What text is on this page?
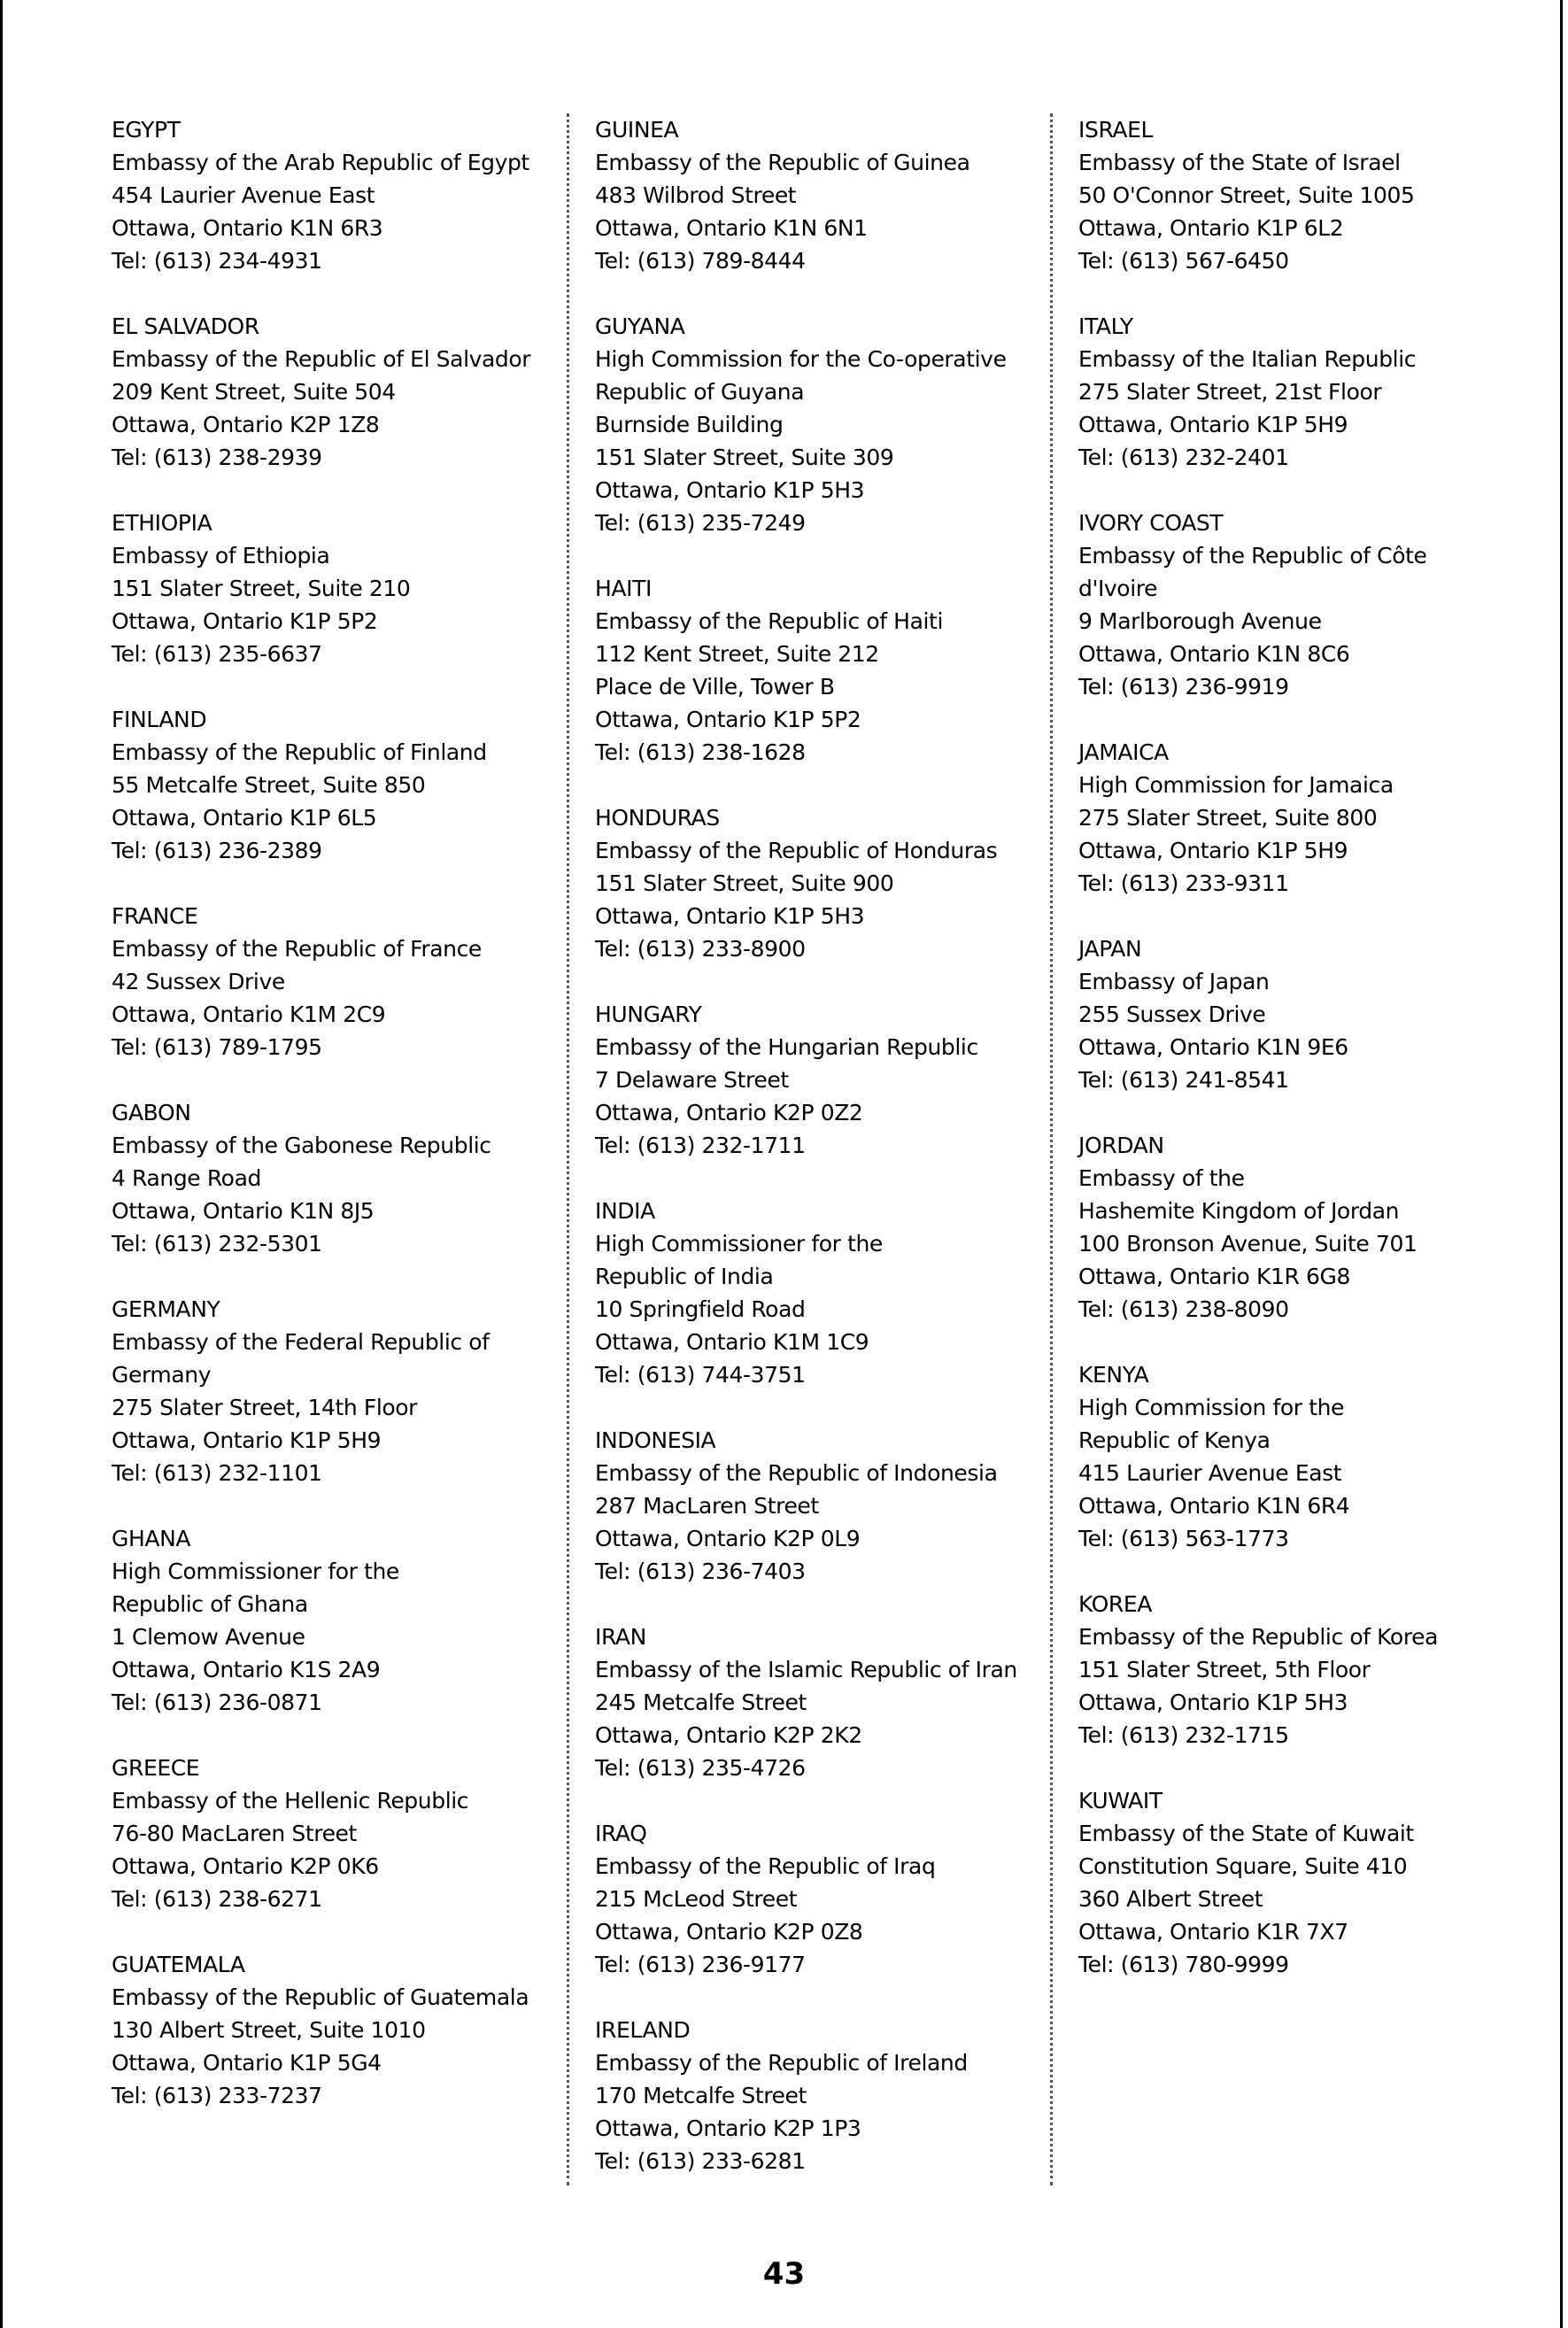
EGYPT
Embassy of the Arab Republic of Egypt
454 Laurier Avenue East
Ottawa, Ontario K1N 6R3
Tel: (613) 234-4931
EL SALVADOR
Embassy of the Republic of El Salvador
209 Kent Street, Suite 504
Ottawa, Ontario K2P 1Z8
Tel: (613) 238-2939
ETHIOPIA
Embassy of Ethiopia
151 Slater Street, Suite 210
Ottawa, Ontario K1P 5P2
Tel: (613) 235-6637
FINLAND
Embassy of the Republic of Finland
55 Metcalfe Street, Suite 850
Ottawa, Ontario K1P 6L5
Tel: (613) 236-2389
FRANCE
Embassy of the Republic of France
42 Sussex Drive
Ottawa, Ontario K1M 2C9
Tel: (613) 789-1795
GABON
Embassy of the Gabonese Republic
4 Range Road
Ottawa, Ontario K1N 8J5
Tel: (613) 232-5301
GERMANY
Embassy of the Federal Republic of
Germany
275 Slater Street, 14th Floor
Ottawa, Ontario K1P 5H9
Tel: (613) 232-1101
GHANA
High Commissioner for the
Republic of Ghana
1 Clemow Avenue
Ottawa, Ontario K1S 2A9
Tel: (613) 236-0871
GREECE
Embassy of the Hellenic Republic
76-80 MacLaren Street
Ottawa, Ontario K2P 0K6
Tel: (613) 238-6271
GUATEMALA
Embassy of the Republic of Guatemala
130 Albert Street, Suite 1010
Ottawa, Ontario K1P 5G4
Tel: (613) 233-7237
GUINEA
Embassy of the Republic of Guinea
483 Wilbrod Street
Ottawa, Ontario K1N 6N1
Tel: (613) 789-8444
GUYANA
High Commission for the Co-operative
Republic of Guyana
Burnside Building
151 Slater Street, Suite 309
Ottawa, Ontario K1P 5H3
Tel: (613) 235-7249
HAITI
Embassy of the Republic of Haiti
112 Kent Street, Suite 212
Place de Ville, Tower B
Ottawa, Ontario K1P 5P2
Tel: (613) 238-1628
HONDURAS
Embassy of the Republic of Honduras
151 Slater Street, Suite 900
Ottawa, Ontario K1P 5H3
Tel: (613) 233-8900
HUNGARY
Embassy of the Hungarian Republic
7 Delaware Street
Ottawa, Ontario K2P 0Z2
Tel: (613) 232-1711
INDIA
High Commissioner for the
Republic of India
10 Springfield Road
Ottawa, Ontario K1M 1C9
Tel: (613) 744-3751
INDONESIA
Embassy of the Republic of Indonesia
287 MacLaren Street
Ottawa, Ontario K2P 0L9
Tel: (613) 236-7403
IRAN
Embassy of the Islamic Republic of Iran
245 Metcalfe Street
Ottawa, Ontario K2P 2K2
Tel: (613) 235-4726
IRAQ
Embassy of the Republic of Iraq
215 McLeod Street
Ottawa, Ontario K2P 0Z8
Tel: (613) 236-9177
IRELAND
Embassy of the Republic of Ireland
170 Metcalfe Street
Ottawa, Ontario K2P 1P3
Tel: (613) 233-6281
ISRAEL
Embassy of the State of Israel
50 O'Connor Street, Suite 1005
Ottawa, Ontario K1P 6L2
Tel: (613) 567-6450
ITALY
Embassy of the Italian Republic
275 Slater Street, 21st Floor
Ottawa, Ontario K1P 5H9
Tel: (613) 232-2401
IVORY COAST
Embassy of the Republic of Côte
d'Ivoire
9 Marlborough Avenue
Ottawa, Ontario K1N 8C6
Tel: (613) 236-9919
JAMAICA
High Commission for Jamaica
275 Slater Street, Suite 800
Ottawa, Ontario K1P 5H9
Tel: (613) 233-9311
JAPAN
Embassy of Japan
255 Sussex Drive
Ottawa, Ontario K1N 9E6
Tel: (613) 241-8541
JORDAN
Embassy of the
Hashemite Kingdom of Jordan
100 Bronson Avenue, Suite 701
Ottawa, Ontario K1R 6G8
Tel: (613) 238-8090
KENYA
High Commission for the
Republic of Kenya
415 Laurier Avenue East
Ottawa, Ontario K1N 6R4
Tel: (613) 563-1773
KOREA
Embassy of the Republic of Korea
151 Slater Street, 5th Floor
Ottawa, Ontario K1P 5H3
Tel: (613) 232-1715
KUWAIT
Embassy of the State of Kuwait
Constitution Square, Suite 410
360 Albert Street
Ottawa, Ontario K1R 7X7
Tel: (613) 780-9999
43
